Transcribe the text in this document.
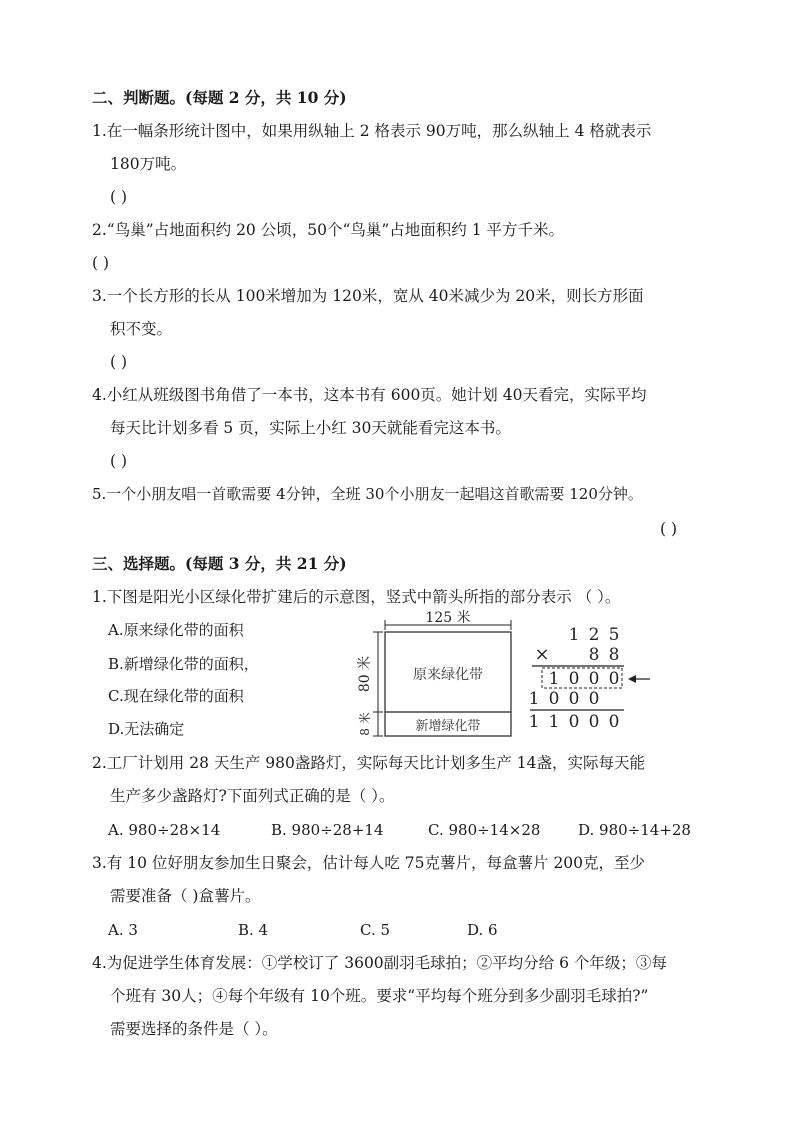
二、判断题。(每题 2 分，共 10 分)
1.在一幅条形统计图中，如果用纵轴上 2 格表示 90万吨，那么纵轴上 4 格就表示
180万吨。
( )
2.“鸟巢”占地面积约 20 公顷，50个“鸟巢”占地面积约 1 平方千米。
( )
3.一个长方形的长从 100米增加为 120米，宽从 40米减少为 20米，则长方形面
积不变。
( )
4.小红从班级图书角借了一本书，这本书有 600页。她计划 40天看完，实际平均
每天比计划多看 5 页，实际上小红 30天就能看完这本书。
( )
5.一个小朋友唱一首歌需要 4分钟，全班 30个小朋友一起唱这首歌需要 120分钟。
( )
三、选择题。(每题 3 分，共 21 分)
1.下图是阳光小区绿化带扩建后的示意图，竖式中箭头所指的部分表示 （ ）。
A.原来绿化带的面积
B.新增绿化带的面积，
C.现在绿化带的面积
D.无法确定
125 米
80 米
8 米
原来绿化带
新增绿化带
1 2 5
× 8 8
1 0 0 0
1 0 0 0
1 1 0 0 0
2.工厂计划用 28 天生产 980盏路灯，实际每天比计划多生产 14盏，实际每天能
生产多少盏路灯?下面列式正确的是（ ）。
A. 980÷28×14	B. 980÷28+14	C. 980÷14×28	D. 980÷14+28
3.有 10 位好朋友参加生日聚会，估计每人吃 75克薯片，每盒薯片 200克，至少
需要准备（ )盒薯片。
A. 3	B. 4	C. 5	D. 6
4.为促进学生体育发展：①学校订了 3600副羽毛球拍；②平均分给 6 个年级；③每
个班有 30人；④每个年级有 10个班。要求“平均每个班分到多少副羽毛球拍?”
需要选择的条件是（ ）。
